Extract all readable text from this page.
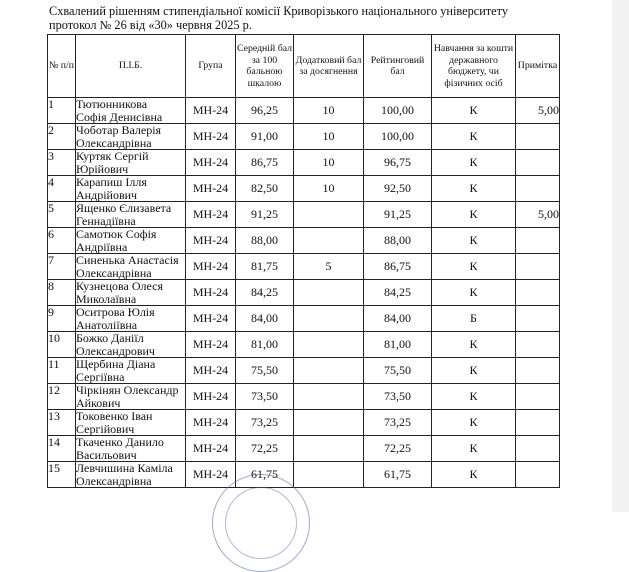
Схвалений рішенням стипендіальної комісії Криворізького національного університету
протокол № 26 від «30» червня 2025 р.
№ п/п	П.І.Б.	Група	Середній бал за 100 бальною шкалою	Додатковий бал за досягнення	Рейтинговий бал	Навчання за кошти державного бюджету, чи фізичних осіб	Примітка
1	Тютюнникова
Софія Денисівна	МН-24	96,25	10	100,00	К	5,00
2	Чоботар Валерія
Олександрівна	МН-24	91,00	10	100,00	К	
3	Куртяк Сергій
Юрійович	МН-24	86,75	10	96,75	К	
4	Карапиш Ілля
Андрійович	МН-24	82,50	10	92,50	К	
5	Ященко Єлизавета
Геннадіївна	МН-24	91,25		91,25	К	5,00
6	Самотюк Софія
Андріївна	МН-24	88,00		88,00	К	
7	Синенька Анастасія
Олександрівна	МН-24	81,75	5	86,75	К	
8	Кузнецова Олеся
Миколаївна	МН-24	84,25		84,25	К	
9	Оситрова Юлія
Анатоліївна	МН-24	84,00		84,00	Б	
10	Божко Даніїл
Олександрович	МН-24	81,00		81,00	К	
11	Щербина Діана
Сергіївна	МН-24	75,50		75,50	К	
12	Чіркінян Олександр
Айкович	МН-24	73,50		73,50	К	
13	Токовенко Іван
Сергійович	МН-24	73,25		73,25	К	
14	Ткаченко Данило
Васильович	МН-24	72,25		72,25	К	
15	Левчишина Каміла
Олександрівна	МН-24	61,75		61,75	К	
